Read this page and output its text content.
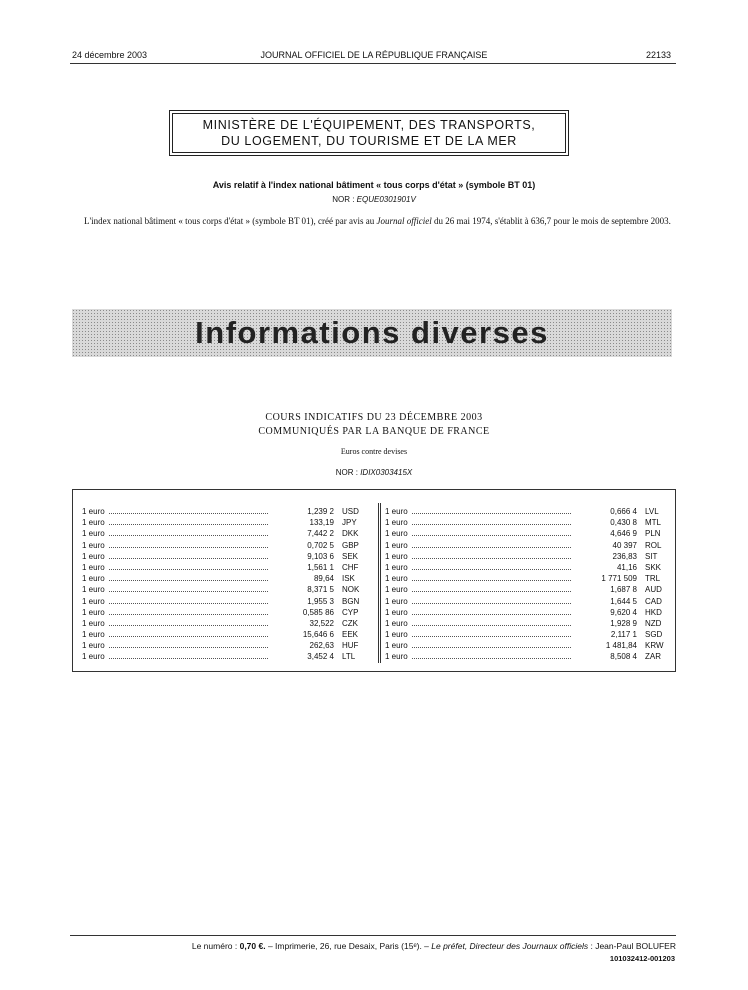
24 décembre 2003	JOURNAL OFFICIEL DE LA RÉPUBLIQUE FRANÇAISE	22133
MINISTÈRE DE L'ÉQUIPEMENT, DES TRANSPORTS,
DU LOGEMENT, DU TOURISME ET DE LA MER
Avis relatif à l'index national bâtiment « tous corps d'état » (symbole BT 01)
NOR : EQUE0301901V
L'index national bâtiment « tous corps d'état » (symbole BT 01), créé par avis au Journal officiel du 26 mai 1974, s'établit à 636,7 pour le mois de septembre 2003.
Informations diverses
COURS INDICATIFS DU 23 DÉCEMBRE 2003
COMMUNIQUÉS PAR LA BANQUE DE FRANCE
Euros contre devises
NOR : IDIX0303415X
1 euro	1,239 2	USD
1 euro	133,19	JPY
1 euro	7,442 2	DKK
1 euro	0,702 5	GBP
1 euro	9,103 6	SEK
1 euro	1,561 1	CHF
1 euro	89,64	ISK
1 euro	8,371 5	NOK
1 euro	1,955 3	BGN
1 euro	0,585 86	CYP
1 euro	32,522	CZK
1 euro	15,646 6	EEK
1 euro	262,63	HUF
1 euro	3,452 4	LTL
1 euro	0,666 4	LVL
1 euro	0,430 8	MTL
1 euro	4,646 9	PLN
1 euro	40 397	ROL
1 euro	236,83	SIT
1 euro	41,16	SKK
1 euro	1 771 509	TRL
1 euro	1,687 8	AUD
1 euro	1,644 5	CAD
1 euro	9,620 4	HKD
1 euro	1,928 9	NZD
1 euro	2,117 1	SGD
1 euro	1 481,84	KRW
1 euro	8,508 4	ZAR
Le numéro : 0,70 €. – Imprimerie, 26, rue Desaix, Paris (15ᵉ). – Le préfet, Directeur des Journaux officiels : Jean-Paul BOLUFER
101032412-001203
